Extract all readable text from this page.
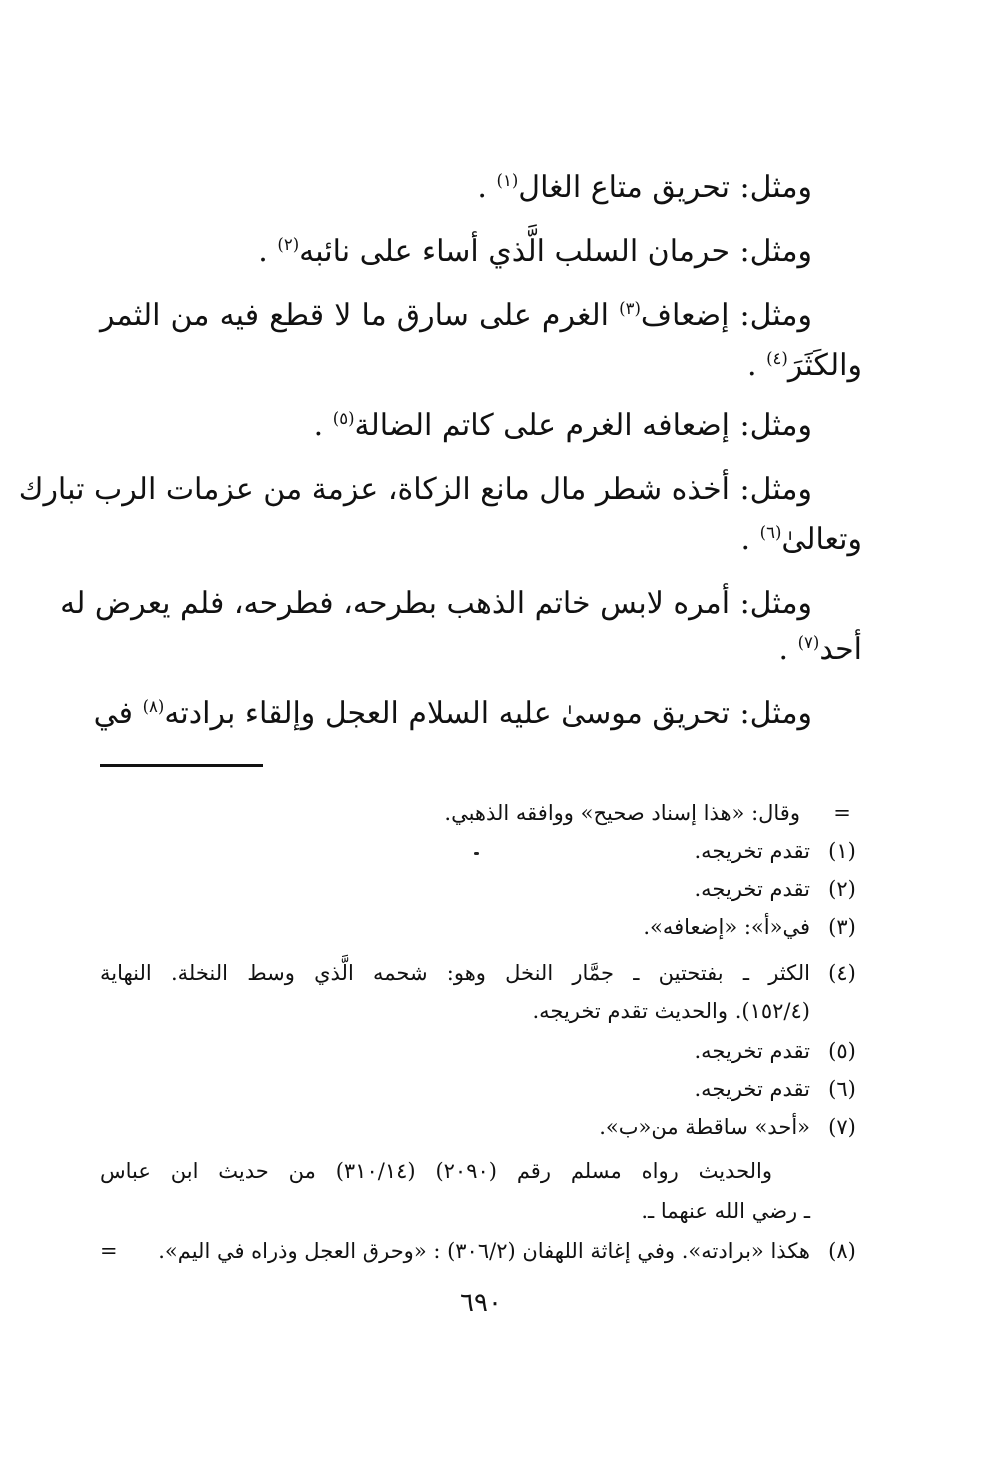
ومثل: تحريق متاع الغال$^{(١)}$ .
ومثل: حرمان السلب الَّذي أساء على نائبه$^{(٢)}$ .
ومثل: إضعاف$^{(٣)}$ الغرم على سارق ما لا قطع فيه من الثمر
والكَثَرَ$^{(٤)}$ .
ومثل: إضعافه الغرم على كاتم الضالة$^{(٥)}$ .
ومثل: أخذه شطر مال مانع الزكاة، عزمة من عزمات الرب تبارك
وتعالىٰ$^{(٦)}$ .
ومثل: أمره لابس خاتم الذهب بطرحه، فطرحه، فلم يعرض له
أحد$^{(٧)}$ .
ومثل: تحريق موسىٰ عليه السلام العجل وإلقاء برادته$^{(٨)}$ في
=
وقال: «هذا إسناد صحيح» ووافقه الذهبي.
(١)
تقدم تخريجه.
(٢)
تقدم تخريجه.
(٣)
في«أ»: «إضعافه».
(٤)
الكثر ـ بفتحتين ـ جمَّار النخل وهو: شحمه الَّذي وسط النخلة. النهاية
(١٥٢/٤). والحديث تقدم تخريجه.
(٥)
تقدم تخريجه.
(٦)
تقدم تخريجه.
(٧)
«أحد» ساقطة من«ب».
والحديث رواه مسلم رقم (٢٠٩٠) (٣١٠/١٤) من حديث ابن عباس
ـ رضي الله عنهما ـ.
(٨)
هكذا «برادته». وفي إغاثة اللهفان (٣٠٦/٢) : «وحرق العجل وذراه في اليم».
=
٦٩٠
